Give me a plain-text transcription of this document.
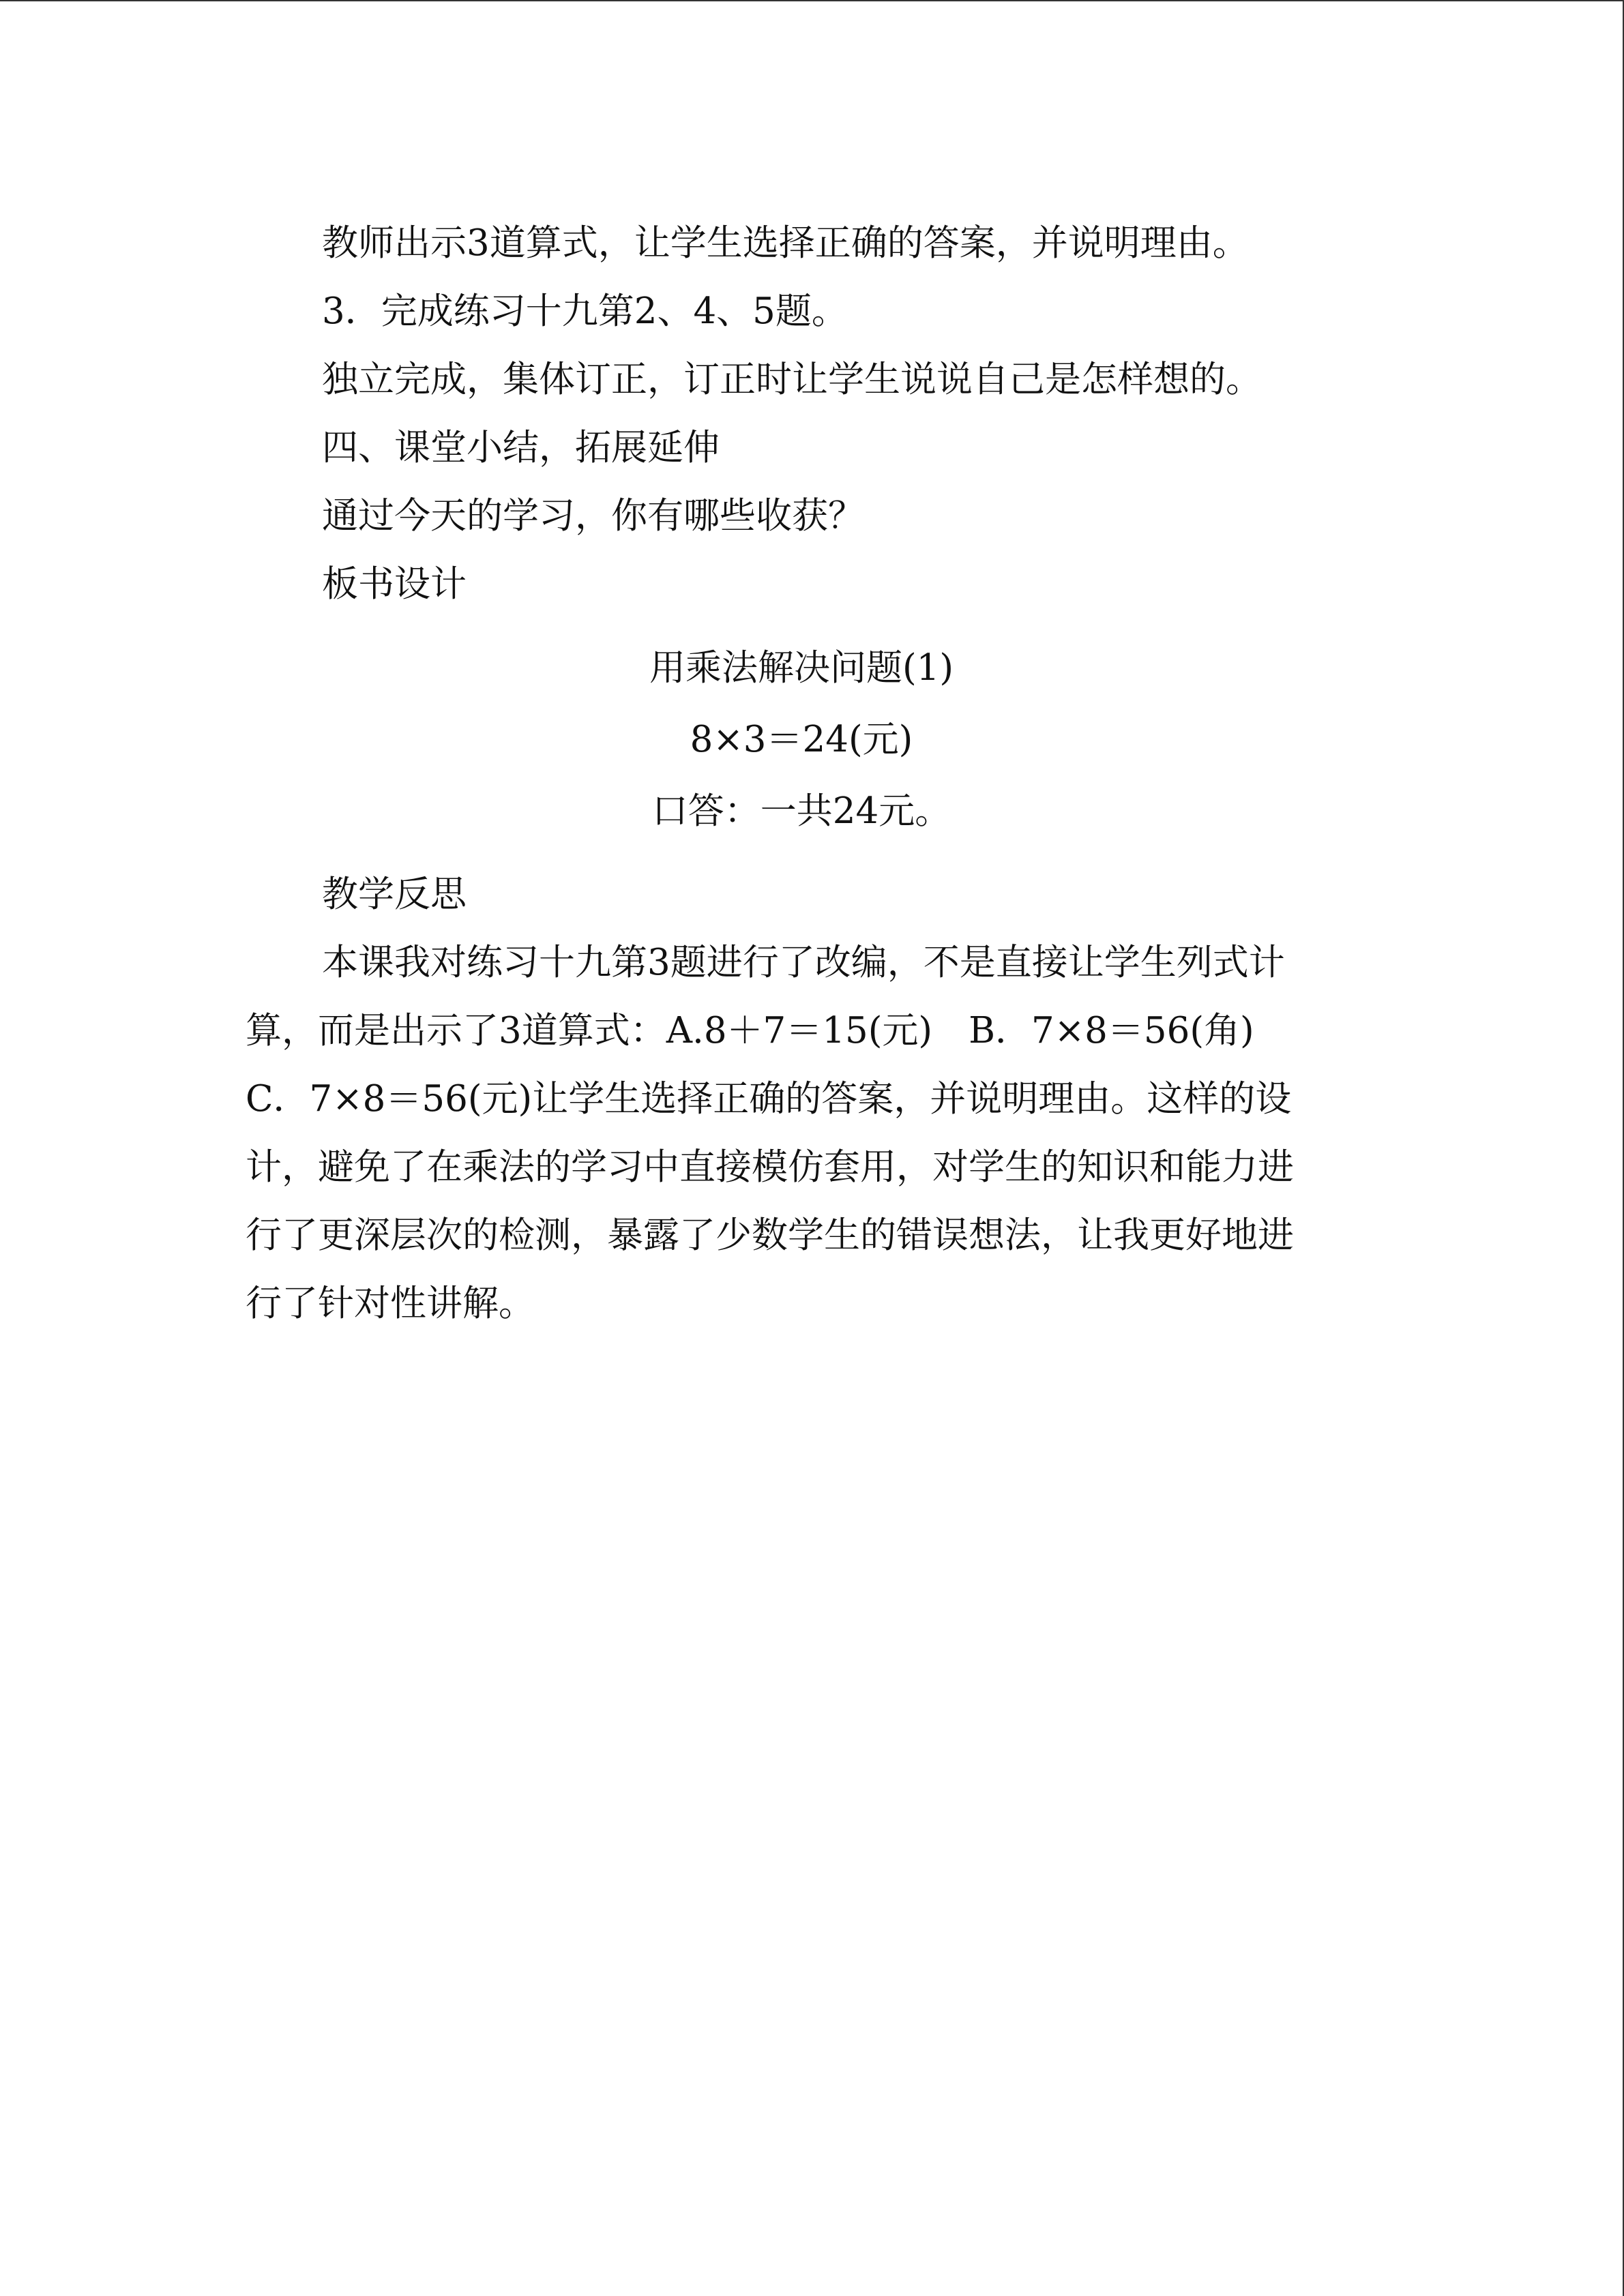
教师出示3道算式，让学生选择正确的答案，并说明理由。

3．完成练习十九第2、4、5题。

独立完成，集体订正，订正时让学生说说自己是怎样想的。

四、课堂小结，拓展延伸

通过今天的学习，你有哪些收获？

板书设计

用乘法解决问题(1)

8×3＝24(元)

口答：一共24元。

教学反思

本课我对练习十九第3题进行了改编，不是直接让学生列式计

算，而是出示了3道算式：A.8＋7＝15(元)　B．7×8＝56(角)

C．7×8＝56(元)让学生选择正确的答案，并说明理由。这样的设

计，避免了在乘法的学习中直接模仿套用，对学生的知识和能力进

行了更深层次的检测，暴露了少数学生的错误想法，让我更好地进

行了针对性讲解。
